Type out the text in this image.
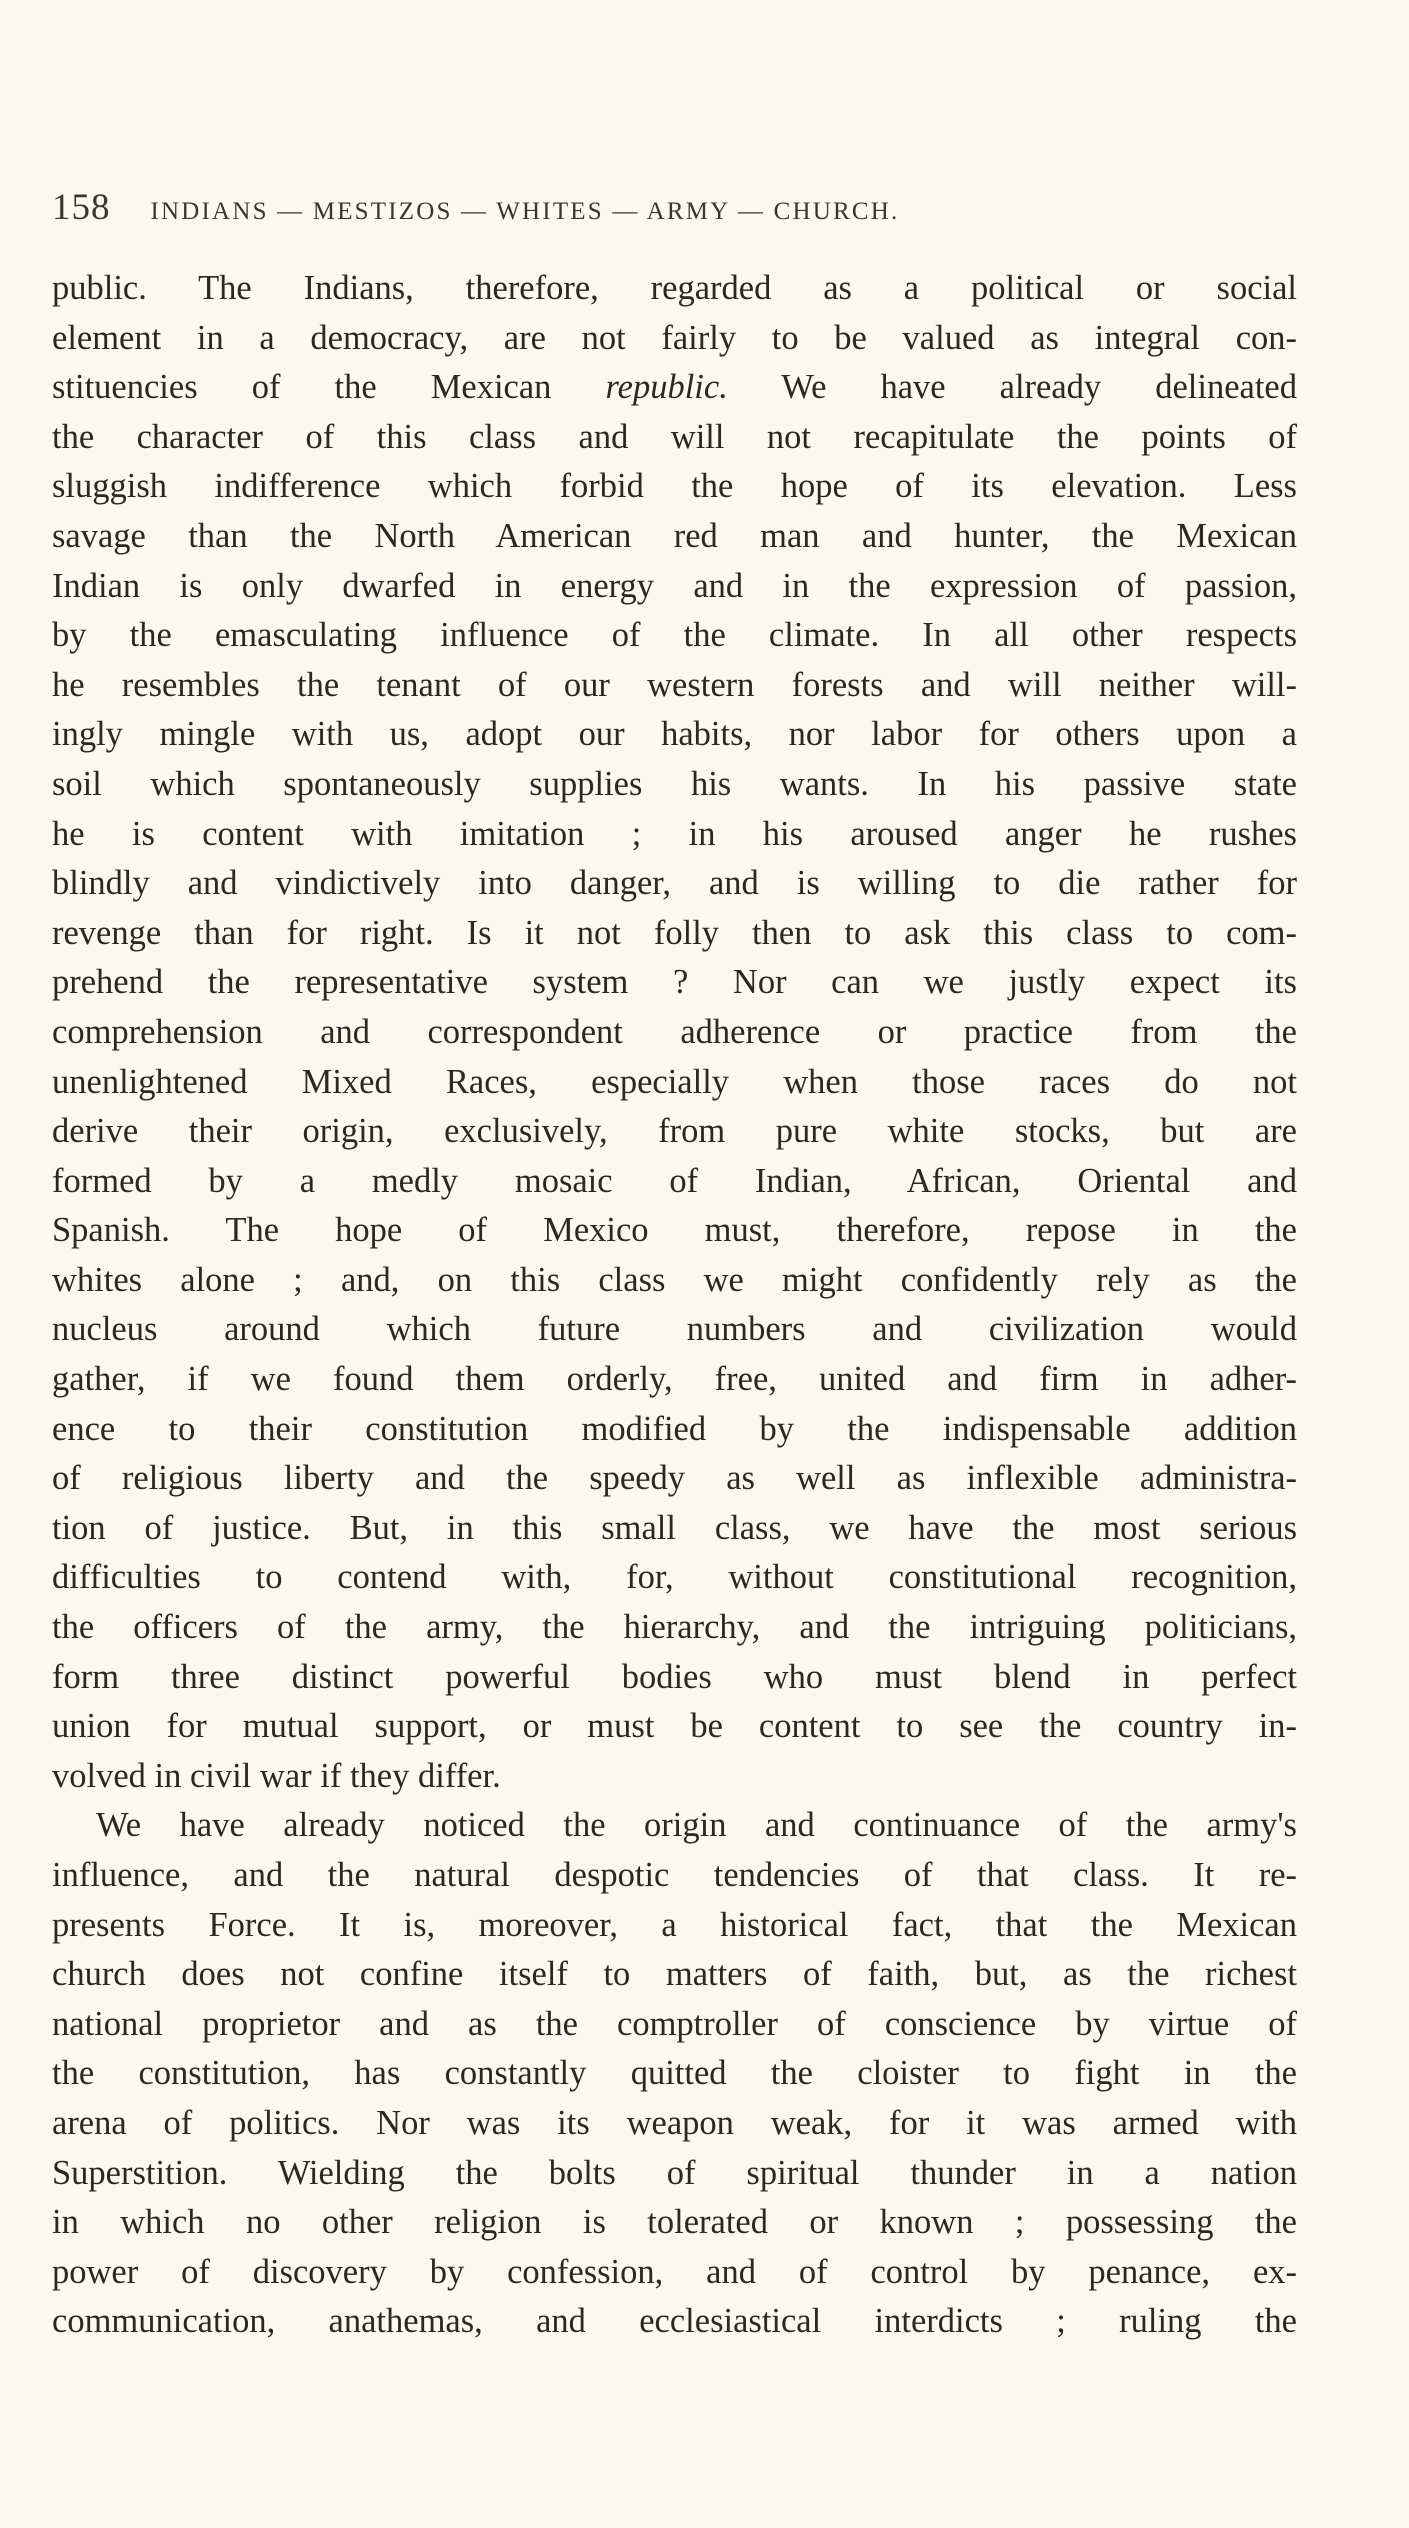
158 INDIANS — MESTIZOS — WHITES — ARMY — CHURCH.
public. The Indians, therefore, regarded as a political or social
element in a democracy, are not fairly to be valued as integral con-
stituencies of the Mexican republic. We have already delineated
the character of this class and will not recapitulate the points of
sluggish indifference which forbid the hope of its elevation. Less
savage than the North American red man and hunter, the Mexican
Indian is only dwarfed in energy and in the expression of passion,
by the emasculating influence of the climate. In all other respects
he resembles the tenant of our western forests and will neither will-
ingly mingle with us, adopt our habits, nor labor for others upon a
soil which spontaneously supplies his wants. In his passive state
he is content with imitation ; in his aroused anger he rushes
blindly and vindictively into danger, and is willing to die rather for
revenge than for right. Is it not folly then to ask this class to com-
prehend the representative system ? Nor can we justly expect its
comprehension and correspondent adherence or practice from the
unenlightened Mixed Races, especially when those races do not
derive their origin, exclusively, from pure white stocks, but are
formed by a medly mosaic of Indian, African, Oriental and
Spanish. The hope of Mexico must, therefore, repose in the
whites alone ; and, on this class we might confidently rely as the
nucleus around which future numbers and civilization would
gather, if we found them orderly, free, united and firm in adher-
ence to their constitution modified by the indispensable addition
of religious liberty and the speedy as well as inflexible administra-
tion of justice. But, in this small class, we have the most serious
difficulties to contend with, for, without constitutional recognition,
the officers of the army, the hierarchy, and the intriguing politicians,
form three distinct powerful bodies who must blend in perfect
union for mutual support, or must be content to see the country in-
volved in civil war if they differ.
We have already noticed the origin and continuance of the army's
influence, and the natural despotic tendencies of that class. It re-
presents Force. It is, moreover, a historical fact, that the Mexican
church does not confine itself to matters of faith, but, as the richest
national proprietor and as the comptroller of conscience by virtue of
the constitution, has constantly quitted the cloister to fight in the
arena of politics. Nor was its weapon weak, for it was armed with
Superstition. Wielding the bolts of spiritual thunder in a nation
in which no other religion is tolerated or known ; possessing the
power of discovery by confession, and of control by penance, ex-
communication, anathemas, and ecclesiastical interdicts ; ruling the
